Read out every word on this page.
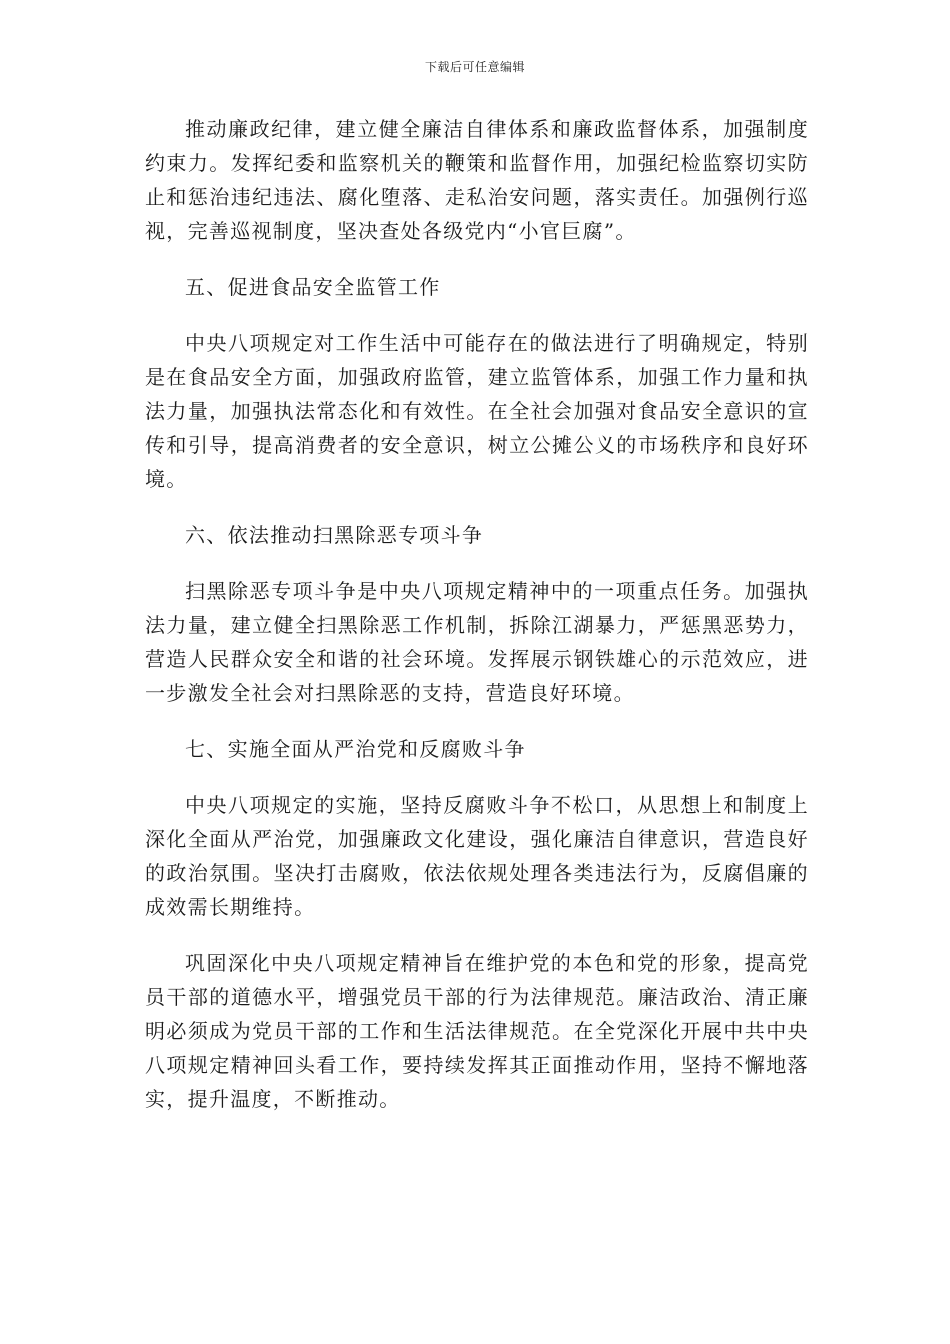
下载后可任意编辑

推动廉政纪律，建立健全廉洁自律体系和廉政监督体系，加强制度约束力。发挥纪委和监察机关的鞭策和监督作用，加强纪检监察切实防止和惩治违纪违法、腐化堕落、走私治安问题，落实责任。加强例行巡视，完善巡视制度，坚决查处各级党内“小官巨腐”。

五、促进食品安全监管工作

中央八项规定对工作生活中可能存在的做法进行了明确规定，特别是在食品安全方面，加强政府监管，建立监管体系，加强工作力量和执法力量，加强执法常态化和有效性。在全社会加强对食品安全意识的宣传和引导，提高消费者的安全意识，树立公摊公义的市场秩序和良好环境。

六、依法推动扫黑除恶专项斗争

扫黑除恶专项斗争是中央八项规定精神中的一项重点任务。加强执法力量，建立健全扫黑除恶工作机制，拆除江湖暴力，严惩黑恶势力，营造人民群众安全和谐的社会环境。发挥展示钢铁雄心的示范效应，进一步激发全社会对扫黑除恶的支持，营造良好环境。

七、实施全面从严治党和反腐败斗争

中央八项规定的实施，坚持反腐败斗争不松口，从思想上和制度上深化全面从严治党，加强廉政文化建设，强化廉洁自律意识，营造良好的政治氛围。坚决打击腐败，依法依规处理各类违法行为，反腐倡廉的成效需长期维持。

巩固深化中央八项规定精神旨在维护党的本色和党的形象，提高党员干部的道德水平，增强党员干部的行为法律规范。廉洁政治、清正廉明必须成为党员干部的工作和生活法律规范。在全党深化开展中共中央八项规定精神回头看工作，要持续发挥其正面推动作用，坚持不懈地落实，提升温度，不断推动。
